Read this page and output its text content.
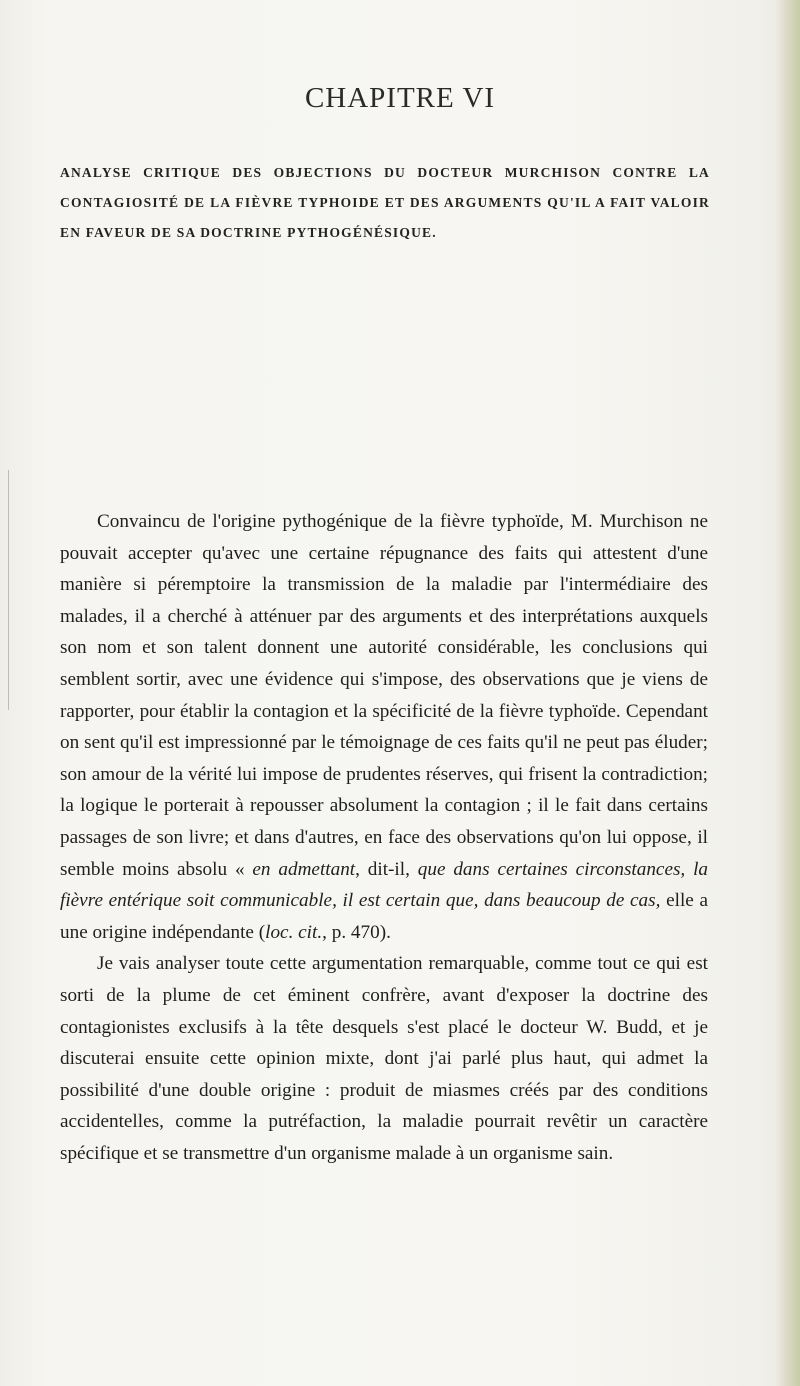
CHAPITRE VI
ANALYSE CRITIQUE DES OBJECTIONS DU DOCTEUR MURCHISON CONTRE LA CONTAGIOSITÉ DE LA FIÈVRE TYPHOIDE ET DES ARGUMENTS QU'IL A FAIT VALOIR EN FAVEUR DE SA DOCTRINE PYTHOGÉNÉSIQUE.

Convaincu de l'origine pythogénique de la fièvre typhoïde, M. Murchison ne pouvait accepter qu'avec une certaine répugnance des faits qui attestent d'une manière si péremptoire la transmission de la maladie par l'intermédiaire des malades, il a cherché à atténuer par des arguments et des interprétations auxquels son nom et son talent donnent une autorité considérable, les conclusions qui semblent sortir, avec une évidence qui s'impose, des observations que je viens de rapporter, pour établir la contagion et la spécificité de la fièvre typhoïde. Cependant on sent qu'il est impressionné par le témoignage de ces faits qu'il ne peut pas éluder; son amour de la vérité lui impose de prudentes réserves, qui frisent la contradiction; la logique le porterait à repousser absolument la contagion ; il le fait dans certains passages de son livre; et dans d'autres, en face des observations qu'on lui oppose, il semble moins absolu « en admettant, dit-il, que dans certaines circonstances, la fièvre entérique soit communicable, il est certain que, dans beaucoup de cas, elle a une origine indépendante (loc. cit., p. 470).

Je vais analyser toute cette argumentation remarquable, comme tout ce qui est sorti de la plume de cet éminent confrère, avant d'exposer la doctrine des contagionistes exclusifs à la tête desquels s'est placé le docteur W. Budd, et je discuterai ensuite cette opinion mixte, dont j'ai parlé plus haut, qui admet la possibilité d'une double origine : produit de miasmes créés par des conditions accidentelles, comme la putréfaction, la maladie pourrait revêtir un caractère spécifique et se transmettre d'un organisme malade à un organisme sain.
